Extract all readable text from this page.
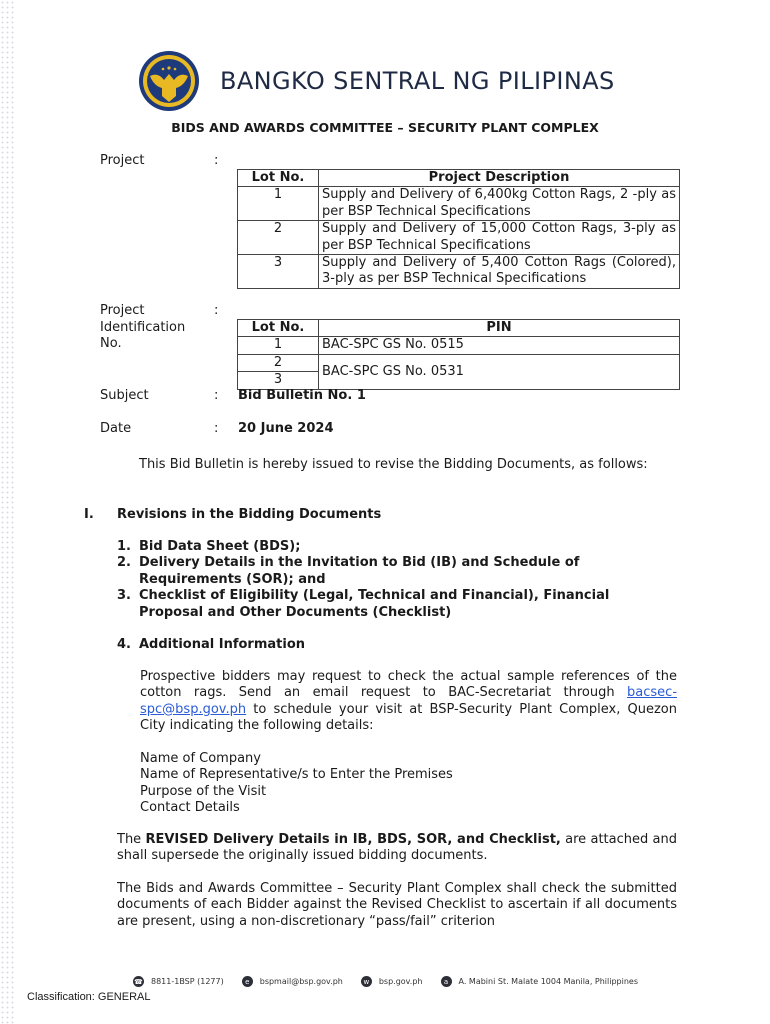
BANGKO SENTRAL NG PILIPINAS
BIDS AND AWARDS COMMITTEE – SECURITY PLANT COMPLEX
Project	:
Lot No.	Project Description
1	Supply and Delivery of 6,400kg Cotton Rags, 2 -ply as per BSP Technical Specifications
2	Supply and Delivery of 15,000 Cotton Rags, 3-ply as per BSP Technical Specifications
3	Supply and Delivery of 5,400 Cotton Rags (Colored), 3-ply as per BSP Technical Specifications
Project
Identification
No.
:
Lot No.	PIN
1	BAC-SPC GS No. 0515
2	BAC-SPC GS No. 0531
3	
Subject	: Bid Bulletin No. 1
Date	: 20 June 2024
This Bid Bulletin is hereby issued to revise the Bidding Documents, as follows:
I. Revisions in the Bidding Documents
1. Bid Data Sheet (BDS);
2. Delivery Details in the Invitation to Bid (IB) and Schedule of Requirements (SOR); and
3. Checklist of Eligibility (Legal, Technical and Financial), Financial Proposal and Other Documents (Checklist)
4. Additional Information
Prospective bidders may request to check the actual sample references of the cotton rags. Send an email request to BAC-Secretariat through bacsec-spc@bsp.gov.ph to schedule your visit at BSP-Security Plant Complex, Quezon City indicating the following details:
Name of Company
Name of Representative/s to Enter the Premises
Purpose of the Visit
Contact Details
The REVISED Delivery Details in IB, BDS, SOR, and Checklist, are attached and shall supersede the originally issued bidding documents.
The Bids and Awards Committee – Security Plant Complex shall check the submitted documents of each Bidder against the Revised Checklist to ascertain if all documents are present, using a non-discretionary “pass/fail” criterion
☎ 8811-1BSP (1277)	e	bspmail@bsp.gov.ph	w	bsp.gov.ph	a	A. Mabini St. Malate 1004 Manila, Philippines
Classification: GENERAL
